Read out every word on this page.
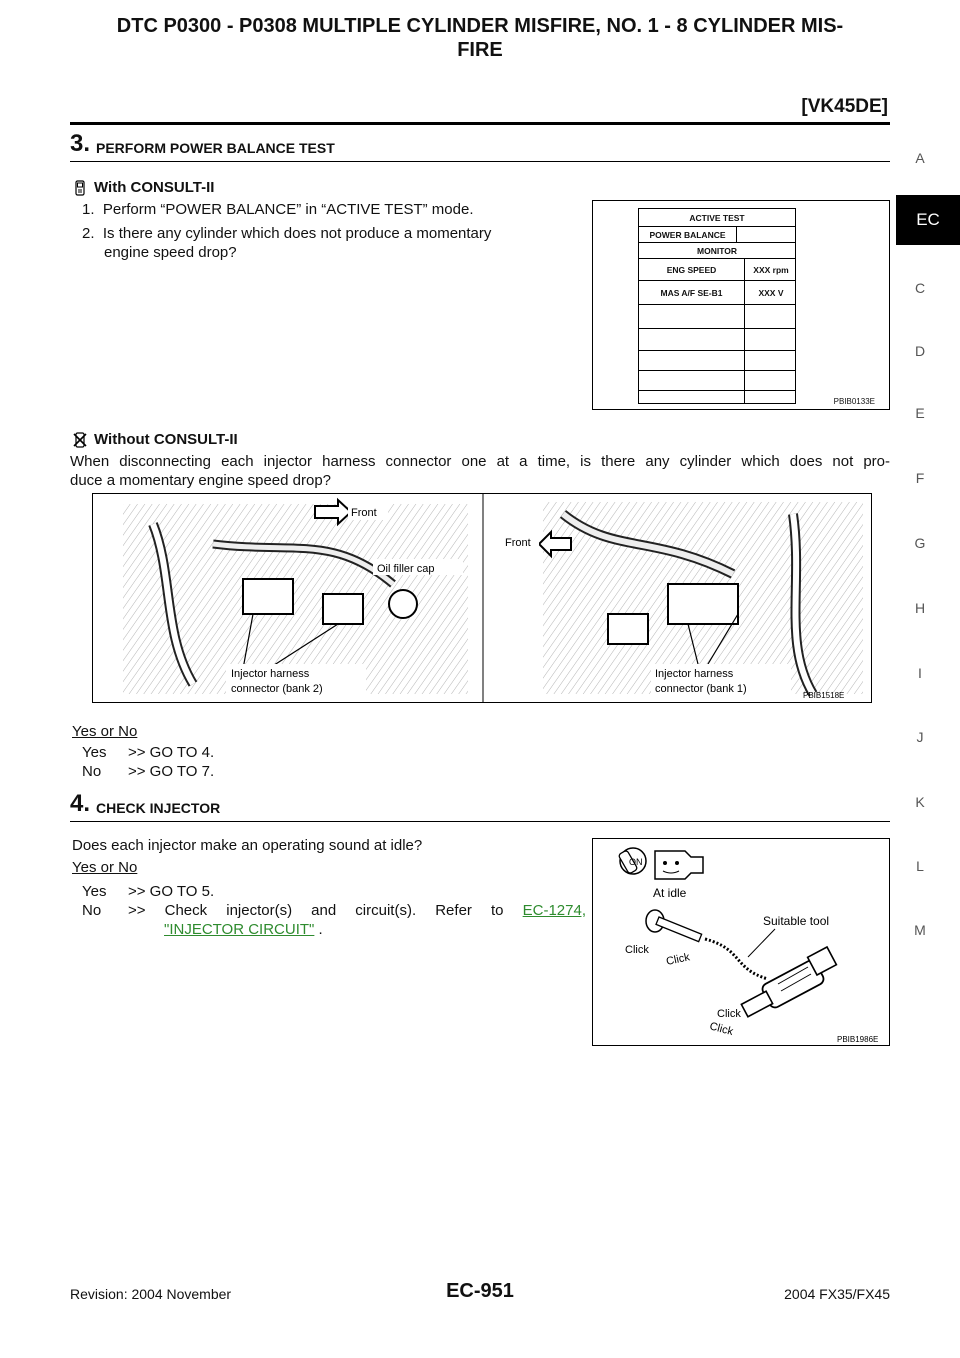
DTC P0300 - P0308 MULTIPLE CYLINDER MISFIRE, NO. 1 - 8 CYLINDER MIS-
FIRE
[VK45DE]
A
EC
C
D
E
F
G
H
I
J
K
L
M
3. PERFORM POWER BALANCE TEST
With CONSULT-II
1. Perform “POWER BALANCE” in “ACTIVE TEST” mode.
2. Is there any cylinder which does not produce a momentary
engine speed drop?
ACTIVE TEST
POWER BALANCE
MONITOR
ENG SPEED	XXX rpm
MAS A/F SE-B1	XXX V
PBIB0133E
Without CONSULT-II
When disconnecting each injector harness connector one at a time, is there any cylinder which does not pro-
duce a momentary engine speed drop?
Front
Oil filler cap
Injector harness
connector (bank 2)
Front
Injector harness
connector (bank 1)
PBIB1518E
Yes or No
Yes >> GO TO 4.
No >> GO TO 7.
4. CHECK INJECTOR
Does each injector make an operating sound at idle?
Yes or No
Yes >> GO TO 5.
No	>> Check injector(s) and circuit(s). Refer to EC-1274,
"INJECTOR CIRCUIT" .
ON
At idle
Suitable tool
Click
Click
Click
Click
PBIB1986E
Revision: 2004 November	EC-951	2004 FX35/FX45
